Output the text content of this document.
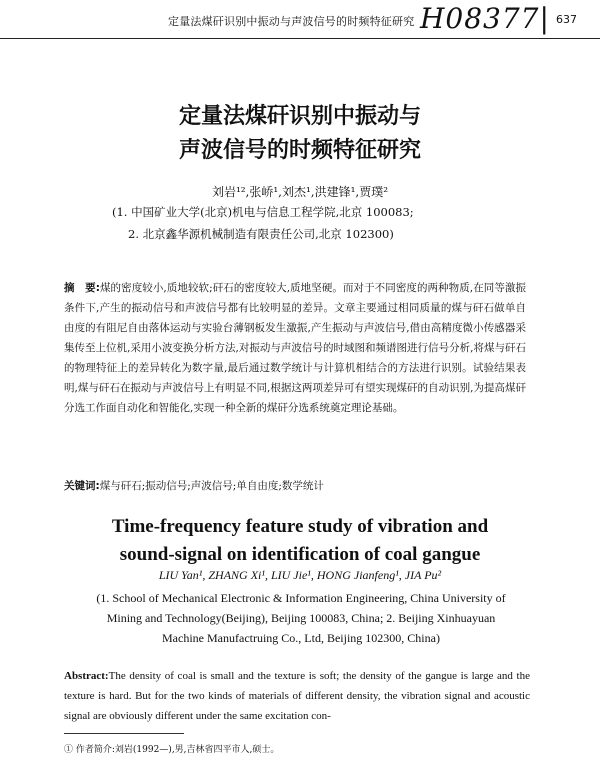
定量法煤矸识别中振动与声波信号的时频特征研究 H08377| 637
定量法煤矸识别中振动与
声波信号的时频特征研究
刘岩¹²,张峤¹,刘杰¹,洪建锋¹,贾璞²
(1. 中国矿业大学(北京)机电与信息工程学院,北京 100083;
2. 北京鑫华源机械制造有限责任公司,北京 102300)
摘　要:煤的密度较小,质地较软;矸石的密度较大,质地坚硬。而对于不同密度的两种物质,在同等激振条件下,产生的振动信号和声波信号都有比较明显的差异。文章主要通过相同质量的煤与矸石做单自由度的有阻尼自由落体运动与实验台薄钢板发生激振,产生振动与声波信号,借由高精度微小传感器采集传至上位机,采用小波变换分析方法,对振动与声波信号的时域图和频谱图进行信号分析,将煤与矸石的物理特征上的差异转化为数字量,最后通过数学统计与计算机相结合的方法进行识别。试验结果表明,煤与矸石在振动与声波信号上有明显不同,根据这两项差异可有望实现煤矸的自动识别,为提高煤矸分选工作面自动化和智能化,实现一种全新的煤矸分选系统奠定理论基础。
关键词:煤与矸石;振动信号;声波信号;单自由度;数学统计
Time-frequency feature study of vibration and
sound-signal on identification of coal gangue
LIU Yan¹, ZHANG Xi¹, LIU Jie¹, HONG Jianfeng¹, JIA Pu²
(1. School of Mechanical Electronic & Information Engineering, China University of
Mining and Technology(Beijing), Beijing 100083, China; 2. Beijing Xinhuayuan
Machine Manufactruing Co., Ltd, Beijing 102300, China)
Abstract:The density of coal is small and the texture is soft; the density of the gangue is large and the texture is hard. But for the two kinds of materials of different density, the vibration signal and acoustic signal are obviously different under the same excitation con-
① 作者简介:刘岩(1992—),男,吉林省四平市人,硕士。
